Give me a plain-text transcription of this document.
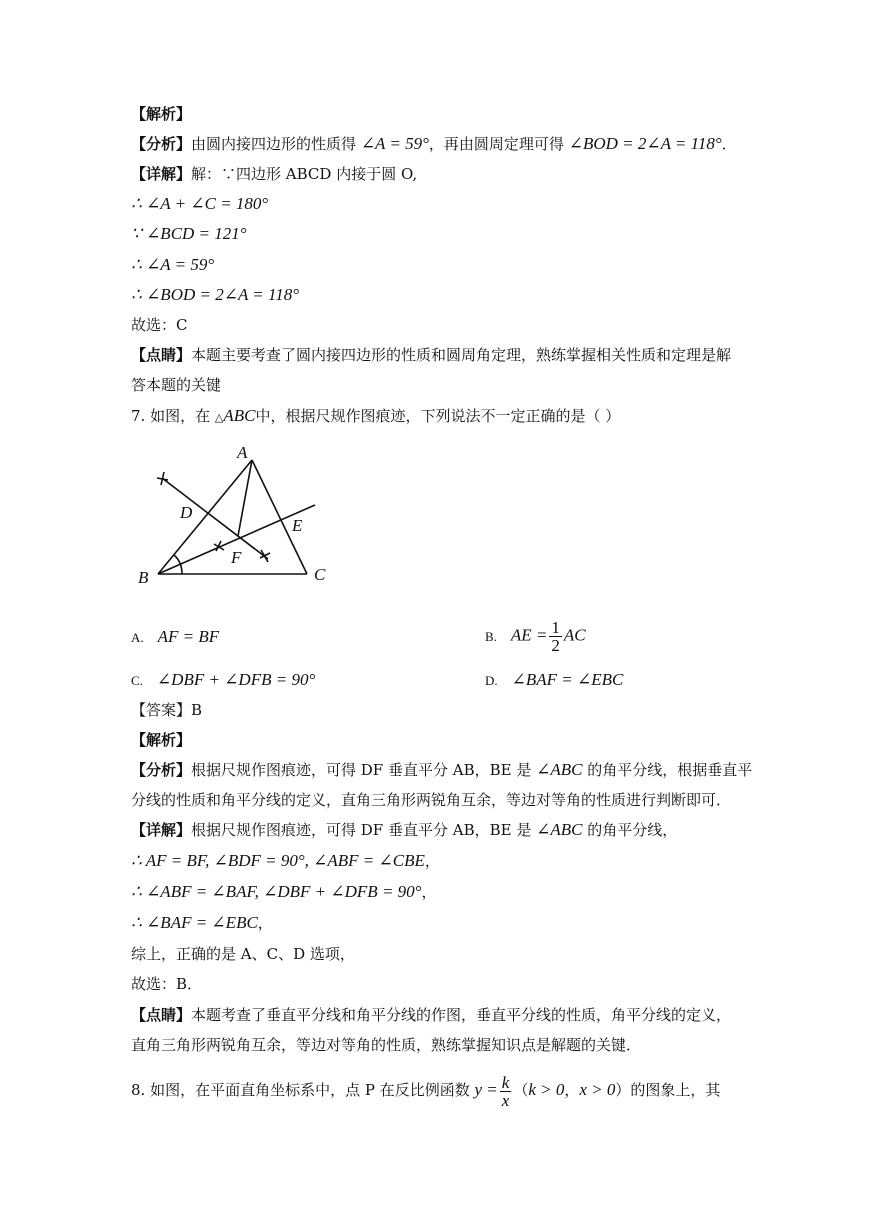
【解析】
【分析】由圆内接四边形的性质得 ∠A = 59°，再由圆周定理可得 ∠BOD = 2∠A = 118°．
【详解】解：∵四边形 ABCD 内接于圆 O,
∴ ∠A + ∠C = 180°
∵ ∠BCD = 121°
∴ ∠A = 59°
∴ ∠BOD = 2∠A = 118°
故选：C
【点睛】本题主要考查了圆内接四边形的性质和圆周角定理，熟练掌握相关性质和定理是解
答本题的关键
7. 如图，在 △ABC中，根据尺规作图痕迹，下列说法不一定正确的是（ ）
A
B	C
D
E
F
A. AF = BF	B. AE = $\frac{1}{2}$ AC
C. ∠DBF + ∠DFB = 90°	D. ∠BAF = ∠EBC
【答案】B
【解析】
【分析】根据尺规作图痕迹，可得 DF 垂直平分 AB，BE 是 ∠ABC 的角平分线，根据垂直平
分线的性质和角平分线的定义，直角三角形两锐角互余，等边对等角的性质进行判断即可．
【详解】根据尺规作图痕迹，可得 DF 垂直平分 AB，BE 是 ∠ABC 的角平分线，
∴ AF = BF, ∠BDF = 90°, ∠ABF = ∠CBE，
∴ ∠ABF = ∠BAF, ∠DBF + ∠DFB = 90°，
∴ ∠BAF = ∠EBC，
综上，正确的是 A、C、D 选项，
故选：B．
【点睛】本题考查了垂直平分线和角平分线的作图，垂直平分线的性质，角平分线的定义，
直角三角形两锐角互余，等边对等角的性质，熟练掌握知识点是解题的关键．
8. 如图，在平面直角坐标系中，点 P 在反比例函数 $y = \frac{k}{x} (k > 0$，x > 0）的图象上，其
